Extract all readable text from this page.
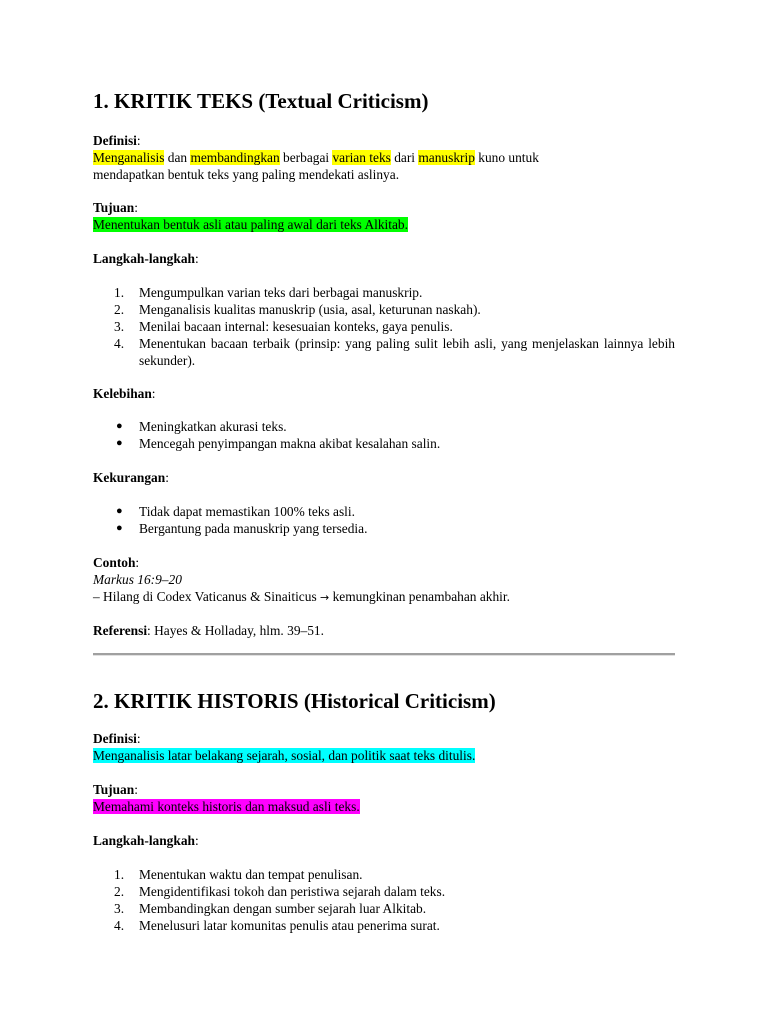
1. KRITIK TEKS (Textual Criticism)

Definisi:

Menganalisis dan membandingkan berbagai varian teks dari manuskrip kuno untuk

mendapatkan bentuk teks yang paling mendekati aslinya.

Tujuan:

Menentukan bentuk asli atau paling awal dari teks Alkitab.

Langkah-langkah:

1. Mengumpulkan varian teks dari berbagai manuskrip.
2. Menganalisis kualitas manuskrip (usia, asal, keturunan naskah).
3. Menilai bacaan internal: kesesuaian konteks, gaya penulis.
4. Menentukan bacaan terbaik (prinsip: yang paling sulit lebih asli, yang menjelaskan lainnya lebih sekunder).

Kelebihan:

● Meningkatkan akurasi teks.
● Mencegah penyimpangan makna akibat kesalahan salin.

Kekurangan:

● Tidak dapat memastikan 100% teks asli.
● Bergantung pada manuskrip yang tersedia.

Contoh:

Markus 16:9–20

– Hilang di Codex Vaticanus & Sinaiticus → kemungkinan penambahan akhir.

Referensi: Hayes & Holladay, hlm. 39–51.

2. KRITIK HISTORIS (Historical Criticism)

Definisi:

Menganalisis latar belakang sejarah, sosial, dan politik saat teks ditulis.

Tujuan:

Memahami konteks historis dan maksud asli teks.

Langkah-langkah:

1. Menentukan waktu dan tempat penulisan.
2. Mengidentifikasi tokoh dan peristiwa sejarah dalam teks.
3. Membandingkan dengan sumber sejarah luar Alkitab.
4. Menelusuri latar komunitas penulis atau penerima surat.
